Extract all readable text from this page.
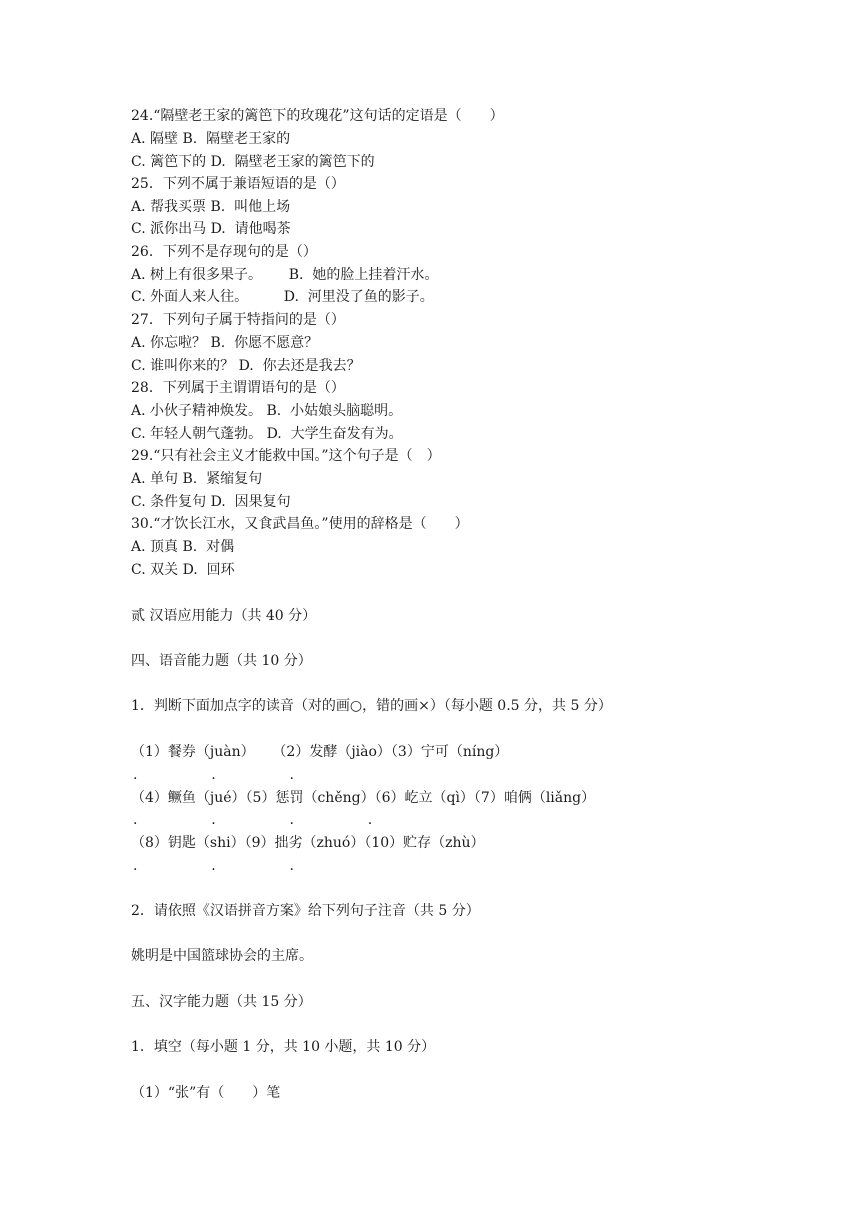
24.“隔壁老王家的篱笆下的玫瑰花”这句话的定语是（　　）
A. 隔壁 B.  隔壁老王家的
C. 篱笆下的 D.  隔壁老王家的篱笆下的
25．下列不属于兼语短语的是（）
A. 帮我买票 B.  叫他上场
C. 派你出马 D.  请他喝茶
26．下列不是存现句的是（）
A. 树上有很多果子。      B.  她的脸上挂着汗水。
C. 外面人来人往。        D.  河里没了鱼的影子。
27．下列句子属于特指问的是（）
A. 你忘啦？ B.  你愿不愿意？
C. 谁叫你来的？ D.  你去还是我去？
28．下列属于主谓谓语句的是（）
A. 小伙子精神焕发。 B.  小姑娘头脑聪明。
C. 年轻人朝气蓬勃。 D.  大学生奋发有为。
29.“只有社会主义才能救中国。”这个句子是（　）
A. 单句 B.  紧缩复句
C. 条件复句 D.  因果复句
30.“才饮长江水，又食武昌鱼。”使用的辞格是（　　）
A. 顶真 B.  对偶
C. 双关 D.  回环
贰 汉语应用能力（共 40 分）
四、语音能力题（共 10 分）
1．判断下面加点字的读音（对的画○，错的画×）（每小题 0.5 分，共 5 分）
（1）餐券（juàn）    （2）发酵（jiào）（3）宁可（níng）
.    .    .
（4）鳜鱼（jué）（5）惩罚（chěng）（6）屹立（qì）（7）咱俩（liǎng）
.    .    .    .
（8）钥匙（shi）（9）拙劣（zhuó）（10）贮存（zhù）
.    .    .
2．请依照《汉语拼音方案》给下列句子注音（共 5 分）
姚明是中国篮球协会的主席。
五、汉字能力题（共 15 分）
1．填空（每小题 1 分，共 10 小题，共 10 分）
（1）“张”有（　　）笔
